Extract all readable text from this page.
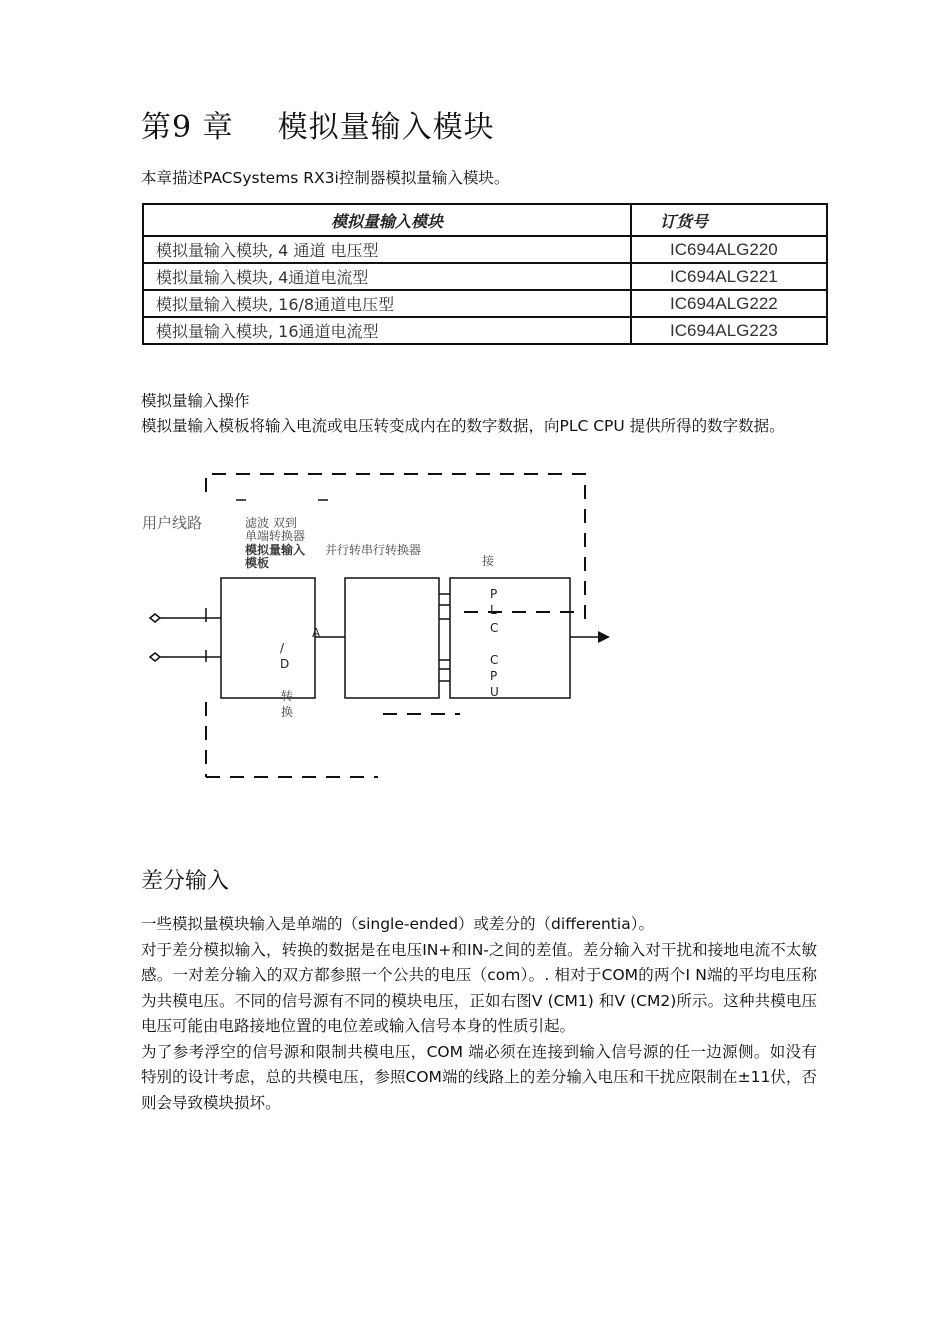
第9 章 模拟量输入模块
本章描述PACSystems RX3i控制器模拟量输入模块。
模拟量输入模块	订货号
模拟量输入模块, 4 通道 电压型	IC694ALG220
模拟量输入模块, 4通道电流型	IC694ALG221
模拟量输入模块, 16/8通道电压型	IC694ALG222
模拟量输入模块, 16通道电流型	IC694ALG223
模拟量输入操作
模拟量输入模板将输入电流或电压转变成内在的数字数据，向PLC CPU 提供所得的数字数据。
用户线路	滤波 双到
单端转换器
模拟量输入
模板
并行转串行转换器
接
A
/
D
转
换
P
L
C
C
P
U
差分输入

一些模拟量模块输入是单端的（single-ended）或差分的（differentia）。

对于差分模拟输入，转换的数据是在电压IN+和IN-之间的差值。差分输入对干扰和接地电流不太敏感。一对差分输入的双方都参照一个公共的电压（com）。. 相对于COM的两个I N端的平均电压称为共模电压。不同的信号源有不同的模块电压，正如右图V (CM1) 和V (CM2)所示。这种共模电压电压可能由电路接地位置的电位差或输入信号本身的性质引起。

为了参考浮空的信号源和限制共模电压，COM 端必须在连接到输入信号源的任一边源侧。如没有特别的设计考虑，总的共模电压，参照COM端的线路上的差分输入电压和干扰应限制在±11伏，否则会导致模块损坏。
